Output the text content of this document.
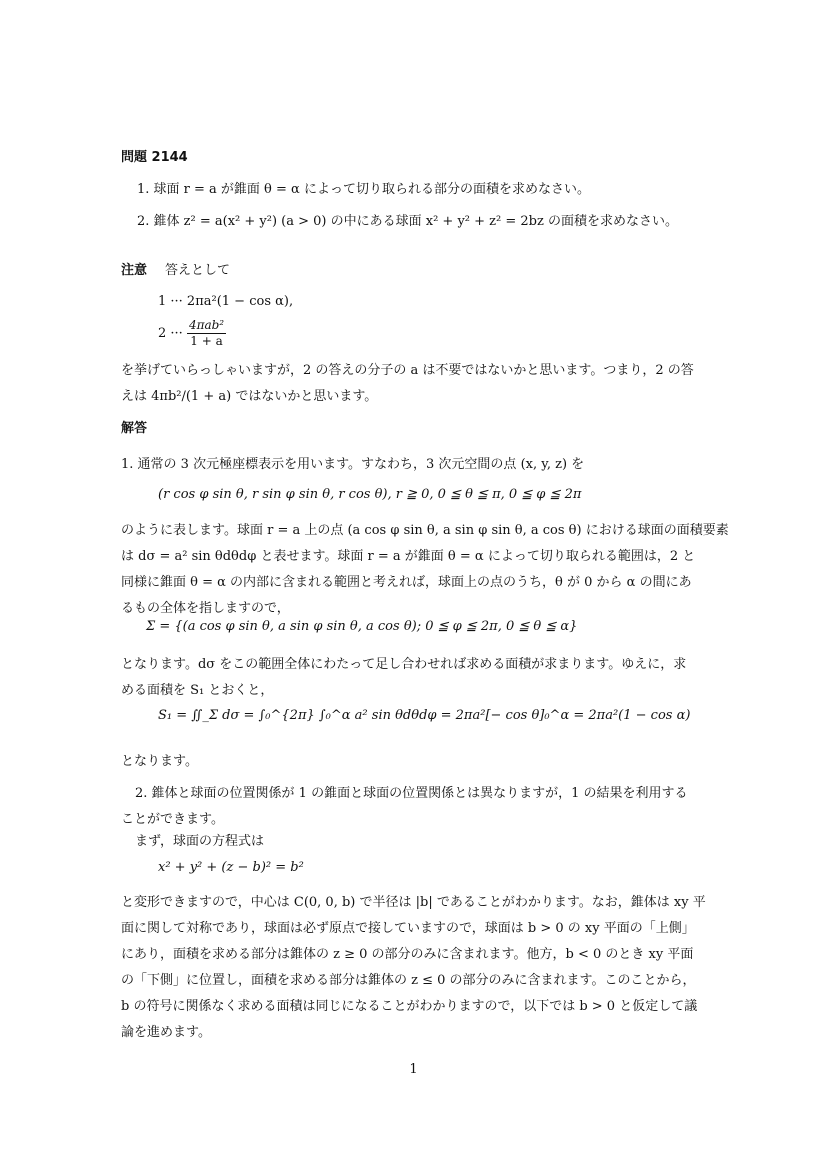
問題 2144
1. 球面 r = a が錐面 θ = α によって切り取られる部分の面積を求めなさい。
2. 錐体 z² = a(x² + y²) (a > 0) の中にある球面 x² + y² + z² = 2bz の面積を求めなさい。
注意 答えとして
1 ··· 2πa²(1 − cos α),
2 ··· $\frac{\text{4πab²}}{1 + a}$
を挙げていらっしゃいますが，2 の答えの分子の a は不要ではないかと思います。つまり，2 の答
えは 4πb²/(1 + a) ではないかと思います。
解答
1. 通常の 3 次元極座標表示を用います。すなわち，3 次元空間の点 (x, y, z) を
(r cos φ sin θ, r sin φ sin θ, r cos θ), r ≧ 0, 0 ≦ θ ≦ π, 0 ≦ φ ≦ 2π
のように表します。球面 r = a 上の点 (a cos φ sin θ, a sin φ sin θ, a cos θ) における球面の面積要素
は dσ = a² sin θdθdφ と表せます。球面 r = a が錐面 θ = α によって切り取られる範囲は，2 と
同様に錐面 θ = α の内部に含まれる範囲と考えれば，球面上の点のうち，θ が 0 から α の間にあ
るもの全体を指しますので，
Σ = {(a cos φ sin θ, a sin φ sin θ, a cos θ); 0 ≦ φ ≦ 2π, 0 ≦ θ ≦ α}
となります。dσ をこの範囲全体にわたって足し合わせれば求める面積が求まります。ゆえに，求
める面積を S₁ とおくと，
S₁ = ∬_Σ dσ = ∫₀^{2π} ∫₀^α a² sin θdθdφ = 2πa²[− cos θ]₀^α = 2πa²(1 − cos α)
となります。
2. 錐体と球面の位置関係が 1 の錐面と球面の位置関係とは異なりますが，1 の結果を利用する
ことができます。
まず，球面の方程式は
x² + y² + (z − b)² = b²
と変形できますので，中心は C(0, 0, b) で半径は |b| であることがわかります。なお，錐体は xy 平
面に関して対称であり，球面は必ず原点で接していますので，球面は b > 0 の xy 平面の「上側」
にあり，面積を求める部分は錐体の z ≥ 0 の部分のみに含まれます。他方，b < 0 のとき xy 平面
の「下側」に位置し，面積を求める部分は錐体の z ≤ 0 の部分のみに含まれます。このことから，
b の符号に関係なく求める面積は同じになることがわかりますので，以下では b > 0 と仮定して議
論を進めます。
1
